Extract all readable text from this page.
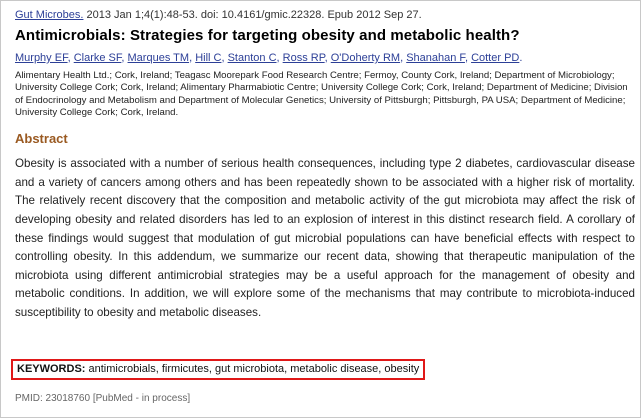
Gut Microbes. 2013 Jan 1;4(1):48-53. doi: 10.4161/gmic.22328. Epub 2012 Sep 27.
Antimicrobials: Strategies for targeting obesity and metabolic health?
Murphy EF, Clarke SF, Marques TM, Hill C, Stanton C, Ross RP, O'Doherty RM, Shanahan F, Cotter PD.
Alimentary Health Ltd.; Cork, Ireland; Teagasc Moorepark Food Research Centre; Fermoy, County Cork, Ireland; Department of Microbiology; University College Cork; Cork, Ireland; Alimentary Pharmabiotic Centre; University College Cork; Cork, Ireland; Department of Medicine; Division of Endocrinology and Metabolism and Department of Molecular Genetics; University of Pittsburgh; Pittsburgh, PA USA; Department of Medicine; University College Cork; Cork, Ireland.
Abstract
Obesity is associated with a number of serious health consequences, including type 2 diabetes, cardiovascular disease and a variety of cancers among others and has been repeatedly shown to be associated with a higher risk of mortality. The relatively recent discovery that the composition and metabolic activity of the gut microbiota may affect the risk of developing obesity and related disorders has led to an explosion of interest in this distinct research field. A corollary of these findings would suggest that modulation of gut microbial populations can have beneficial effects with respect to controlling obesity. In this addendum, we summarize our recent data, showing that therapeutic manipulation of the microbiota using different antimicrobial strategies may be a useful approach for the management of obesity and metabolic conditions. In addition, we will explore some of the mechanisms that may contribute to microbiota-induced susceptibility to obesity and metabolic diseases.
KEYWORDS: antimicrobials, firmicutes, gut microbiota, metabolic disease, obesity
PMID: 23018760 [PubMed - in process]
